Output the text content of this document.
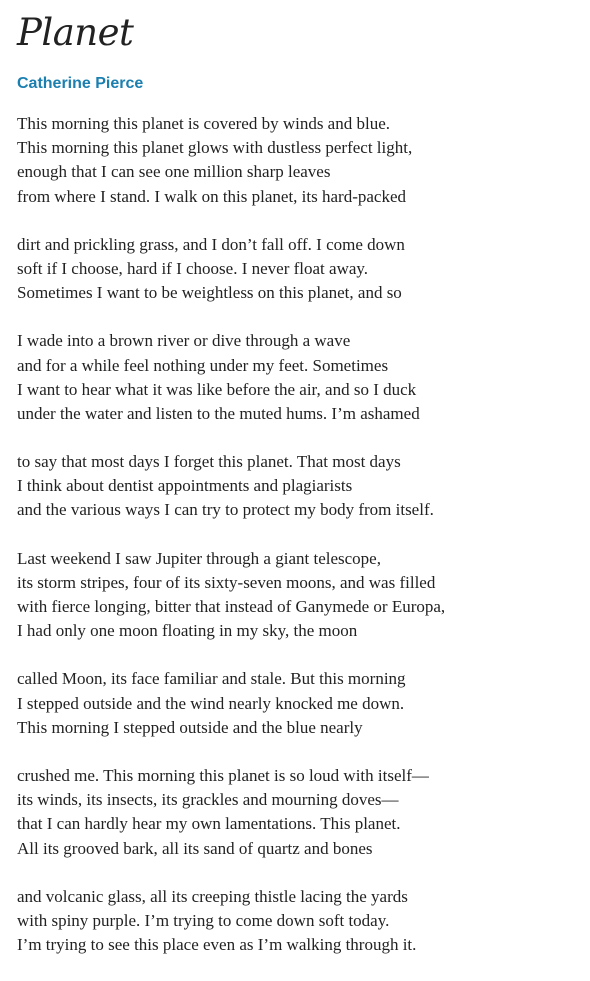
Planet
Catherine Pierce
This morning this planet is covered by winds and blue.
This morning this planet glows with dustless perfect light,
enough that I can see one million sharp leaves
from where I stand. I walk on this planet, its hard-packed
dirt and prickling grass, and I don’t fall off. I come down
soft if I choose, hard if I choose. I never float away.
Sometimes I want to be weightless on this planet, and so
I wade into a brown river or dive through a wave
and for a while feel nothing under my feet. Sometimes
I want to hear what it was like before the air, and so I duck
under the water and listen to the muted hums. I’m ashamed
to say that most days I forget this planet. That most days
I think about dentist appointments and plagiarists
and the various ways I can try to protect my body from itself.
Last weekend I saw Jupiter through a giant telescope,
its storm stripes, four of its sixty-seven moons, and was filled
with fierce longing, bitter that instead of Ganymede or Europa,
I had only one moon floating in my sky, the moon
called Moon, its face familiar and stale. But this morning
I stepped outside and the wind nearly knocked me down.
This morning I stepped outside and the blue nearly
crushed me. This morning this planet is so loud with itself—
its winds, its insects, its grackles and mourning doves—
that I can hardly hear my own lamentations. This planet.
All its grooved bark, all its sand of quartz and bones
and volcanic glass, all its creeping thistle lacing the yards
with spiny purple. I’m trying to come down soft today.
I’m trying to see this place even as I’m walking through it.
